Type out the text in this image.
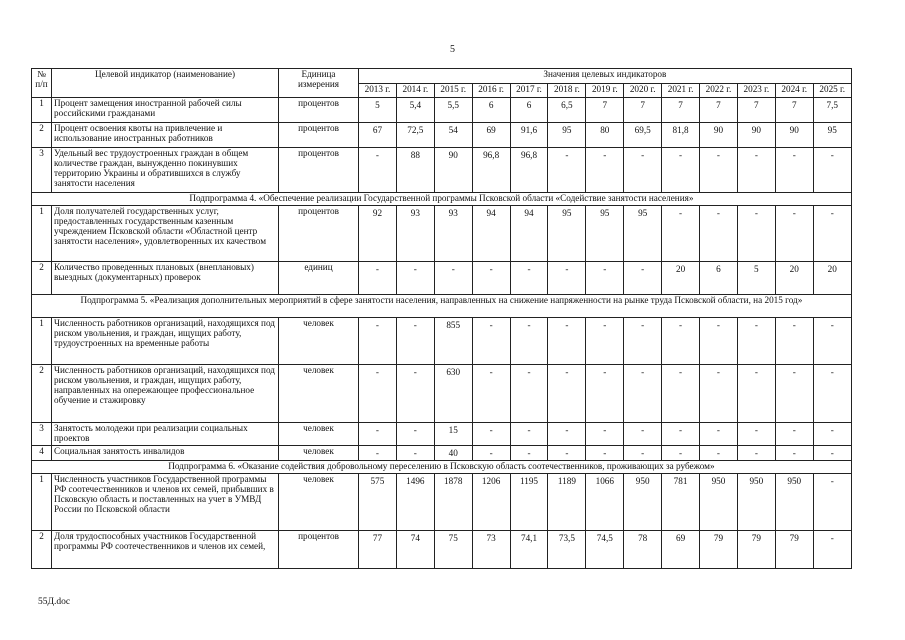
5
№ п/п	Целевой индикатор (наименование)	Единица измерения	Значения целевых индикаторов												
			2013 г.	2014 г.	2015 г.	2016 г.	2017 г.	2018 г.	2019 г.	2020 г.	2021 г.	2022 г.	2023 г.	2024 г.	2025 г.
1	Процент замещения иностранной рабочей силы российскими гражданами	процентов	5	5,4	5,5	6	6	6,5	7	7	7	7	7	7	7,5
2	Процент освоения квоты на привлечение и использование иностранных работников	процентов	67	72,5	54	69	91,6	95	80	69,5	81,8	90	90	90	95
3	Удельный вес трудоустроенных граждан в общем количестве граждан, вынужденно покинувших территорию Украины и обратившихся в службу занятости населения	процентов	-	88	90	96,8	96,8	-	-	-	-	-	-	-	-
Подпрограмма 4. «Обеспечение реализации Государственной программы Псковской области «Содействие занятости населения»															
1	Доля получателей государственных услуг, предоставленных государственным казенным учреждением Псковской области «Областной центр занятости населения», удовлетворенных их качеством	процентов	92	93	93	94	94	95	95	95	-	-	-	-	-
2	Количество проведенных плановых (внеплановых) выездных (документарных) проверок	единиц	-	-	-	-	-	-	-	-	20	6	5	20	20
Подпрограмма 5. «Реализация дополнительных мероприятий в сфере занятости населения, направленных на снижение напряженности на рынке труда Псковской области, на 2015 год»															
1	Численность работников организаций, находящихся под риском увольнения, и граждан, ищущих работу, трудоустроенных на временные работы	человек	-	-	855	-	-	-	-	-	-	-	-	-	-
2	Численность работников организаций, находящихся под риском увольнения, и граждан, ищущих работу, направленных на опережающее профессиональное обучение и стажировку	человек	-	-	630	-	-	-	-	-	-	-	-	-	-
3	Занятость молодежи при реализации социальных проектов	человек	-	-	15	-	-	-	-	-	-	-	-	-	-
4	Социальная занятость инвалидов	человек	-	-	40	-	-	-	-	-	-	-	-	-	-
Подпрограмма 6. «Оказание содействия добровольному переселению в Псковскую область соотечественников, проживающих за рубежом»															
1	Численность участников Государственной программы РФ соотечественников и членов их семей, прибывших в Псковскую область и поставленных на учет в УМВД России по Псковской области	человек	575	1496	1878	1206	1195	1189	1066	950	781	950	950	950	-
2	Доля трудоспособных участников Государственной программы РФ соотечественников и членов их семей,	процентов	77	74	75	73	74,1	73,5	74,5	78	69	79	79	79	-
55Д.doc
